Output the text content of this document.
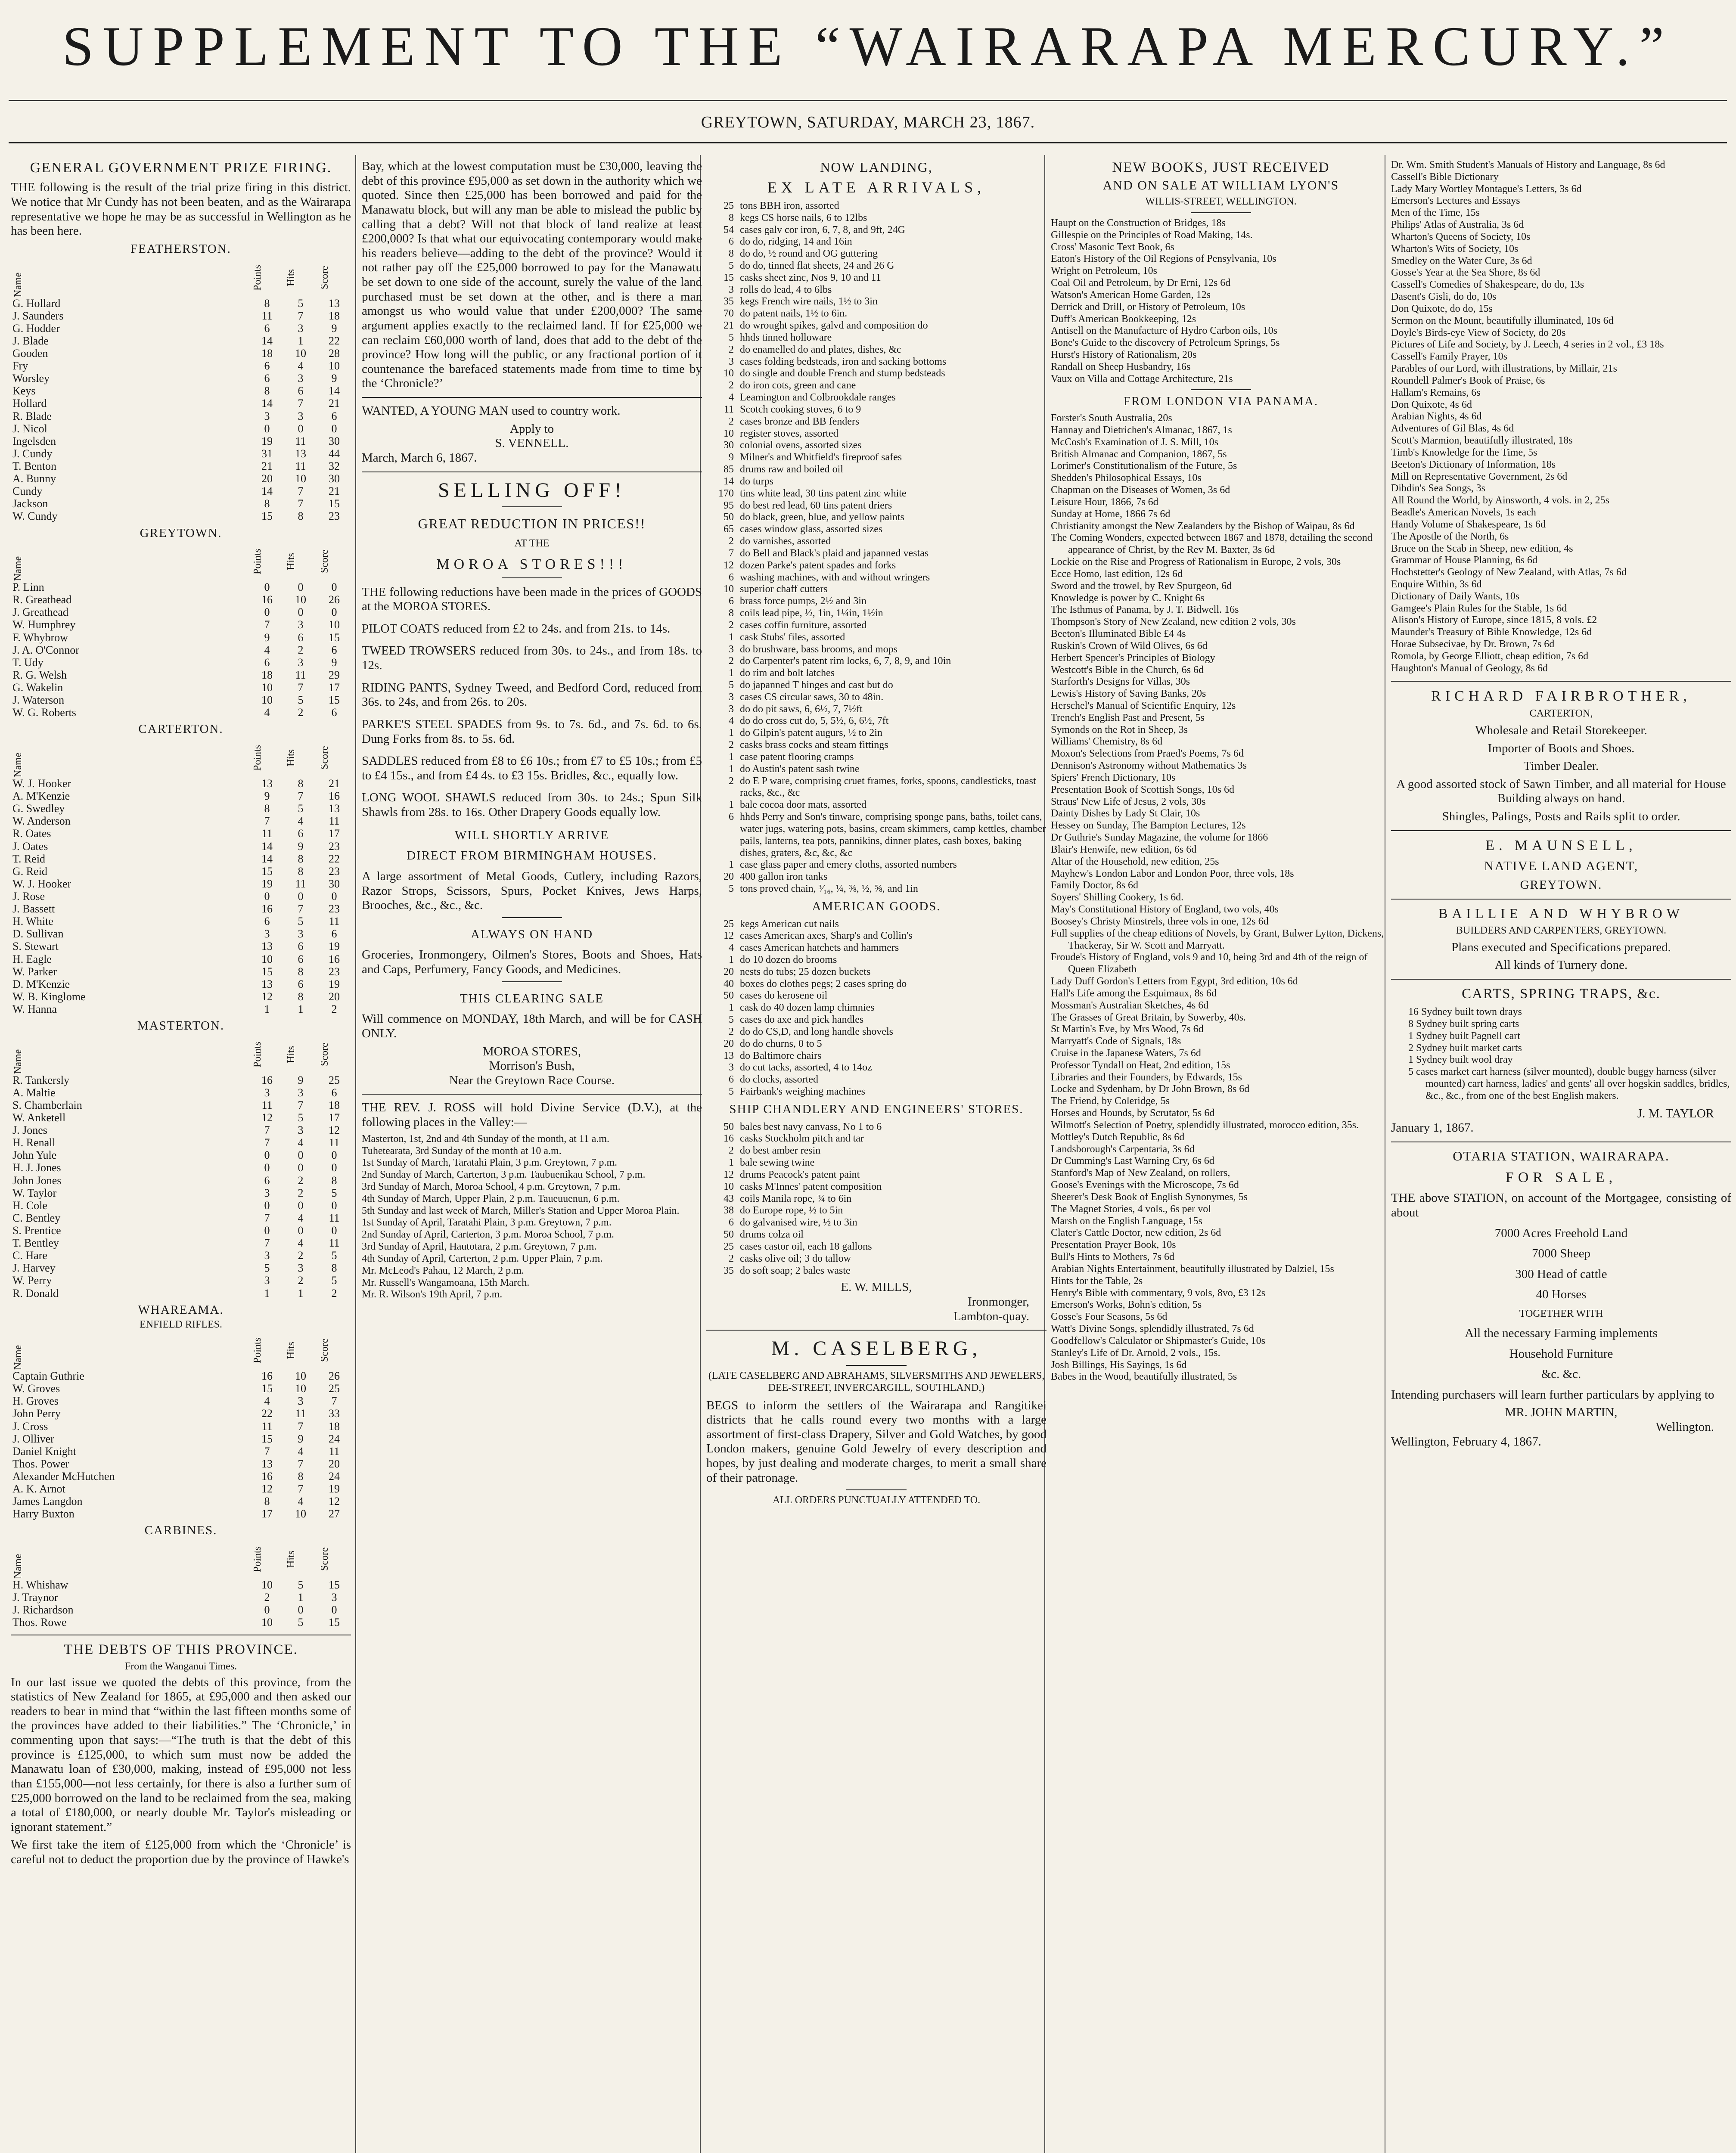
SUPPLEMENT TO THE “WAIRARAPA MERCURY.”
GREYTOWN, SATURDAY, MARCH 23, 1867.
GENERAL GOVERNMENT PRIZE FIRING.

THE following is the result of the trial prize firing in this district. We notice that Mr Cundy has not been beaten, and as the Wairarapa representative we hope he may be as successful in Wellington as he has been here.

FEATHERSTON.
Name	Points	Hits	Score

G. Hollard	8	5	13
J. Saunders	11	7	18
G. Hodder	6	3	9
J. Blade	14	1	22
Gooden	18	10	28
Fry	6	4	10
Worsley	6	3	9
Keys	8	6	14
Hollard	14	7	21
R. Blade	3	3	6
J. Nicol	0	0	0
Ingelsden	19	11	30
J. Cundy	31	13	44
T. Benton	21	11	32
A. Bunny	20	10	30
Cundy	14	7	21
Jackson	8	7	15
W. Cundy	15	8	23
GREYTOWN.
Name	Points	Hits	Score

P. Linn	0	0	0
R. Greathead	16	10	26
J. Greathead	0	0	0
W. Humphrey	7	3	10
F. Whybrow	9	6	15
J. A. O'Connor	4	2	6
T. Udy	6	3	9
R. G. Welsh	18	11	29
G. Wakelin	10	7	17
J. Waterson	10	5	15
W. G. Roberts	4	2	6
CARTERTON.
Name	Points	Hits	Score

W. J. Hooker	13	8	21
A. M'Kenzie	9	7	16
G. Swedley	8	5	13
W. Anderson	7	4	11
R. Oates	11	6	17
J. Oates	14	9	23
T. Reid	14	8	22
G. Reid	15	8	23
W. J. Hooker	19	11	30
J. Rose	0	0	0
J. Bassett	16	7	23
H. White	6	5	11
D. Sullivan	3	3	6
S. Stewart	13	6	19
H. Eagle	10	6	16
W. Parker	15	8	23
D. M'Kenzie	13	6	19
W. B. Kinglome	12	8	20
W. Hanna	1	1	2
MASTERTON.
Name	Points	Hits	Score

R. Tankersly	16	9	25
A. Maltie	3	3	6
S. Chamberlain	11	7	18
W. Anketell	12	5	17
J. Jones	7	3	12
H. Renall	7	4	11
John Yule	0	0	0
H. J. Jones	0	0	0
John Jones	6	2	8
W. Taylor	3	2	5
H. Cole	0	0	0
C. Bentley	7	4	11
S. Prentice	0	0	0
T. Bentley	7	4	11
C. Hare	3	2	5
J. Harvey	5	3	8
W. Perry	3	2	5
R. Donald	1	1	2
WHAREAMA.
ENFIELD RIFLES.
Name	Points	Hits	Score

Captain Guthrie	16	10	26
W. Groves	15	10	25
H. Groves	4	3	7
John Perry	22	11	33
J. Cross	11	7	18
J. Olliver	15	9	24
Daniel Knight	7	4	11
Thos. Power	13	7	20
Alexander McHutchen	16	8	24
A. K. Arnot	12	7	19
James Langdon	8	4	12
Harry Buxton	17	10	27
CARBINES.
Name	Points	Hits	Score

H. Whishaw	10	5	15
J. Traynor	2	1	3
J. Richardson	0	0	0
Thos. Rowe	10	5	15
THE DEBTS OF THIS PROVINCE.
From the Wanganui Times.

In our last issue we quoted the debts of this province, from the statistics of New Zealand for 1865, at £95,000 and then asked our readers to bear in mind that “within the last fifteen months some of the provinces have added to their liabilities.” The ‘Chronicle,’ in commenting upon that says:—“The truth is that the debt of this province is £125,000, to which sum must now be added the Manawatu loan of £30,000, making, instead of £95,000 not less than £155,000—not less certainly, for there is also a further sum of £25,000 borrowed on the land to be reclaimed from the sea, making a total of £180,000, or nearly double Mr. Taylor's misleading or ignorant statement.”

We first take the item of £125,000 from which the ‘Chronicle’ is careful not to deduct the proportion due by the province of Hawke's

Bay, which at the lowest computation must be £30,000, leaving the debt of this province £95,000 as set down in the authority which we quoted. Since then £25,000 has been borrowed and paid for the Manawatu block, but will any man be able to mislead the public by calling that a debt? Will not that block of land realize at least £200,000? Is that what our equivocating contemporary would make his readers believe—adding to the debt of the province? Would it not rather pay off the £25,000 borrowed to pay for the Manawatu be set down to one side of the account, surely the value of the land purchased must be set down at the other, and is there a man amongst us who would value that under £200,000? The same argument applies exactly to the reclaimed land. If for £25,000 we can reclaim £60,000 worth of land, does that add to the debt of the province? How long will the public, or any fractional portion of it countenance the barefaced statements made from time to time by the ‘Chronicle?’

WANTED, A YOUNG MAN used to country work.

Apply to
S. VENNELL.
March, March 6, 1867.
SELLING OFF!
GREAT REDUCTION IN PRICES!!
AT THE
MOROA STORES!!!

THE following reductions have been made in the prices of GOODS at the MOROA STORES.

PILOT COATS reduced from £2 to 24s. and from 21s. to 14s.

TWEED TROWSERS reduced from 30s. to 24s., and from 18s. to 12s.

RIDING PANTS, Sydney Tweed, and Bedford Cord, reduced from 36s. to 24s, and from 26s. to 20s.

PARKE'S STEEL SPADES from 9s. to 7s. 6d., and 7s. 6d. to 6s. Dung Forks from 8s. to 5s. 6d.

SADDLES reduced from £8 to £6 10s.; from £7 to £5 10s.; from £5 to £4 15s., and from £4 4s. to £3 15s. Bridles, &c., equally low.

LONG WOOL SHAWLS reduced from 30s. to 24s.; Spun Silk Shawls from 28s. to 16s. Other Drapery Goods equally low.

WILL SHORTLY ARRIVE
DIRECT FROM BIRMINGHAM HOUSES.

A large assortment of Metal Goods, Cutlery, including Razors, Razor Strops, Scissors, Spurs, Pocket Knives, Jews Harps, Brooches, &c., &c., &c.

ALWAYS ON HAND

Groceries, Ironmongery, Oilmen's Stores, Boots and Shoes, Hats and Caps, Perfumery, Fancy Goods, and Medicines.

THIS CLEARING SALE

Will commence on MONDAY, 18th March, and will be for CASH ONLY.

MOROA STORES,
Morrison's Bush,
Near the Greytown Race Course.

THE REV. J. ROSS will hold Divine Service (D.V.), at the following places in the Valley:—

Masterton, 1st, 2nd and 4th Sunday of the month, at 11 a.m.
Tuhetearata, 3rd Sunday of the month at 10 a.m.
1st Sunday of March, Taratahi Plain, 3 p.m. Greytown, 7 p.m.
2nd Sunday of March, Carterton, 3 p.m. Taubuenikau School, 7 p.m.
3rd Sunday of March, Moroa School, 4 p.m. Greytown, 7 p.m.
4th Sunday of March, Upper Plain, 2 p.m. Taueuuenun, 6 p.m.
5th Sunday and last week of March, Miller's Station and Upper Moroa Plain.
1st Sunday of April, Taratahi Plain, 3 p.m. Greytown, 7 p.m.
2nd Sunday of April, Carterton, 3 p.m. Moroa School, 7 p.m.
3rd Sunday of April, Hautotara, 2 p.m. Greytown, 7 p.m.
4th Sunday of April, Carterton, 2 p.m. Upper Plain, 7 p.m.
Mr. McLeod's Pahau, 12 March, 2 p.m.
Mr. Russell's Wangamoana, 15th March.
Mr. R. Wilson's 19th April, 7 p.m.
NOW LANDING,
EX LATE ARRIVALS,
25 tons BBH iron, assorted
8 kegs CS horse nails, 6 to 12lbs
54 cases galv cor iron, 6, 7, 8, and 9ft, 24G
6 do do, ridging, 14 and 16in
8 do do, ½ round and OG guttering
5 do do, tinned flat sheets, 24 and 26 G
15 casks sheet zinc, Nos 9, 10 and 11
3 rolls do lead, 4 to 6lbs
35 kegs French wire nails, 1½ to 3in
70 do patent nails, 1½ to 6in.
21 do wrought spikes, galvd and composition do
5 hhds tinned holloware
2 do enamelled do and plates, dishes, &c
3 cases folding bedsteads, iron and sacking bottoms
10 do single and double French and stump bedsteads
2 do iron cots, green and cane
4 Leamington and Colbrookdale ranges
11 Scotch cooking stoves, 6 to 9
2 cases bronze and BB fenders
10 register stoves, assorted
30 colonial ovens, assorted sizes
9 Milner's and Whitfield's fireproof safes
85 drums raw and boiled oil
14 do turps
170 tins white lead, 30 tins patent zinc white
95 do best red lead, 60 tins patent driers
50 do black, green, blue, and yellow paints
65 cases window glass, assorted sizes
2 do varnishes, assorted
7 do Bell and Black's plaid and japanned vestas
12 dozen Parke's patent spades and forks
6 washing machines, with and without wringers
10 superior chaff cutters
6 brass force pumps, 2½ and 3in
8 coils lead pipe, ½, 1in, 1¼in, 1½in
2 cases coffin furniture, assorted
1 cask Stubs' files, assorted
3 do brushware, bass brooms, and mops
2 do Carpenter's patent rim locks, 6, 7, 8, 9, and 10in
1 do rim and bolt latches
5 do japanned T hinges and cast but do
3 cases CS circular saws, 30 to 48in.
3 do do pit saws, 6, 6½, 7, 7½ft
4 do do cross cut do, 5, 5½, 6, 6½, 7ft
1 do Gilpin's patent augurs, ½ to 2in
2 casks brass cocks and steam fittings
1 case patent flooring cramps
1 do Austin's patent sash twine
2 do E P ware, comprising cruet frames, forks, spoons, candlesticks, toast racks, &c., &c
1 bale cocoa door mats, assorted
6 hhds Perry and Son's tinware, comprising sponge pans, baths, toilet cans, water jugs, watering pots, basins, cream skimmers, camp kettles, chamber pails, lanterns, tea pots, pannikins, dinner plates, cash boxes, baking dishes, graters, &c, &c, &c
1 case glass paper and emery cloths, assorted numbers
20 400 gallon iron tanks
5 tons proved chain, ³⁄₁₆, ¼, ⅜, ½, ⅝, and 1in
AMERICAN GOODS.
25 kegs American cut nails
12 cases American axes, Sharp's and Collin's
4 cases American hatchets and hammers
1 do 10 dozen do brooms
20 nests do tubs; 25 dozen buckets
40 boxes do clothes pegs; 2 cases spring do
50 cases do kerosene oil
1 cask do 40 dozen lamp chimnies
5 cases do axe and pick handles
2 do do CS,D, and long handle shovels
20 do do churns, 0 to 5
13 do Baltimore chairs
3 do cut tacks, assorted, 4 to 14oz
6 do clocks, assorted
5 Fairbank's weighing machines
SHIP CHANDLERY AND ENGINEERS' STORES.
50 bales best navy canvass, No 1 to 6
16 casks Stockholm pitch and tar
2 do best amber resin
1 bale sewing twine
12 drums Peacock's patent paint
10 casks M'Innes' patent composition
43 coils Manila rope, ¾ to 6in
38 do Europe rope, ½ to 5in
6 do galvanised wire, ½ to 3in
50 drums colza oil
25 cases castor oil, each 18 gallons
2 casks olive oil; 3 do tallow
35 do soft soap; 2 bales waste
E. W. MILLS,
Ironmonger,
Lambton-quay.
M. CASELBERG,
(LATE CASELBERG AND ABRAHAMS, SILVERSMITHS AND JEWELERS, DEE-STREET, INVERCARGILL, SOUTHLAND,)

BEGS to inform the settlers of the Wairarapa and Rangitikei districts that he calls round every two months with a large assortment of first-class Drapery, Silver and Gold Watches, by good London makers, genuine Gold Jewelry of every description and hopes, by just dealing and moderate charges, to merit a small share of their patronage.

ALL ORDERS PUNCTUALLY ATTENDED TO.
NEW BOOKS, JUST RECEIVED
AND ON SALE AT WILLIAM LYON'S
WILLIS-STREET, WELLINGTON.
Haupt on the Construction of Bridges, 18s
Gillespie on the Principles of Road Making, 14s.
Cross' Masonic Text Book, 6s
Eaton's History of the Oil Regions of Pensylvania, 10s
Wright on Petroleum, 10s
Coal Oil and Petroleum, by Dr Erni, 12s 6d
Watson's American Home Garden, 12s
Derrick and Drill, or History of Petroleum, 10s
Duff's American Bookkeeping, 12s
Antisell on the Manufacture of Hydro Carbon oils, 10s
Bone's Guide to the discovery of Petroleum Springs, 5s
Hurst's History of Rationalism, 20s
Randall on Sheep Husbandry, 16s
Vaux on Villa and Cottage Architecture, 21s
FROM LONDON VIA PANAMA.
Forster's South Australia, 20s
Hannay and Dietrichen's Almanac, 1867, 1s
McCosh's Examination of J. S. Mill, 10s
British Almanac and Companion, 1867, 5s
Lorimer's Constitutionalism of the Future, 5s
Shedden's Philosophical Essays, 10s
Chapman on the Diseases of Women, 3s 6d
Leisure Hour, 1866, 7s 6d
Sunday at Home, 1866 7s 6d
Christianity amongst the New Zealanders by the Bishop of Waipau, 8s 6d
The Coming Wonders, expected between 1867 and 1878, detailing the second appearance of Christ, by the Rev M. Baxter, 3s 6d
Lockie on the Rise and Progress of Rationalism in Europe, 2 vols, 30s
Ecce Homo, last edition, 12s 6d
Sword and the trowel, by Rev Spurgeon, 6d
Knowledge is power by C. Knight 6s
The Isthmus of Panama, by J. T. Bidwell. 16s
Thompson's Story of New Zealand, new edition 2 vols, 30s
Beeton's Illuminated Bible £4 4s
Ruskin's Crown of Wild Olives, 6s 6d
Herbert Spencer's Principles of Biology
Westcott's Bible in the Church, 6s 6d
Starforth's Designs for Villas, 30s
Lewis's History of Saving Banks, 20s
Herschel's Manual of Scientific Enquiry, 12s
Trench's English Past and Present, 5s
Symonds on the Rot in Sheep, 3s
Williams' Chemistry, 8s 6d
Moxon's Selections from Praed's Poems, 7s 6d
Dennison's Astronomy without Mathematics 3s
Spiers' French Dictionary, 10s
Presentation Book of Scottish Songs, 10s 6d
Straus' New Life of Jesus, 2 vols, 30s
Dainty Dishes by Lady St Clair, 10s
Hessey on Sunday, The Bampton Lectures, 12s
Dr Guthrie's Sunday Magazine, the volume for 1866
Blair's Henwife, new edition, 6s 6d
Altar of the Household, new edition, 25s
Mayhew's London Labor and London Poor, three vols, 18s
Family Doctor, 8s 6d
Soyers' Shilling Cookery, 1s 6d.
May's Constitutional History of England, two vols, 40s
Boosey's Christy Minstrels, three vols in one, 12s 6d
Full supplies of the cheap editions of Novels, by Grant, Bulwer Lytton, Dickens, Thackeray, Sir W. Scott and Marryatt.
Froude's History of England, vols 9 and 10, being 3rd and 4th of the reign of Queen Elizabeth
Lady Duff Gordon's Letters from Egypt, 3rd edition, 10s 6d
Hall's Life among the Esquimaux, 8s 6d
Mossman's Australian Sketches, 4s 6d
The Grasses of Great Britain, by Sowerby, 40s.
St Martin's Eve, by Mrs Wood, 7s 6d
Marryatt's Code of Signals, 18s
Cruise in the Japanese Waters, 7s 6d
Professor Tyndall on Heat, 2nd edition, 15s
Libraries and their Founders, by Edwards, 15s
Locke and Sydenham, by Dr John Brown, 8s 6d
The Friend, by Coleridge, 5s
Horses and Hounds, by Scrutator, 5s 6d
Wilmott's Selection of Poetry, splendidly illustrated, morocco edition, 35s.
Mottley's Dutch Republic, 8s 6d
Landsborough's Carpentaria, 3s 6d
Dr Cumming's Last Warning Cry, 6s 6d
Stanford's Map of New Zealand, on rollers,
Goose's Evenings with the Microscope, 7s 6d
Sheerer's Desk Book of English Synonymes, 5s
The Magnet Stories, 4 vols., 6s per vol
Marsh on the English Language, 15s
Clater's Cattle Doctor, new edition, 2s 6d
Presentation Prayer Book, 10s
Bull's Hints to Mothers, 7s 6d
Arabian Nights Entertainment, beautifully illustrated by Dalziel, 15s
Hints for the Table, 2s
Henry's Bible with commentary, 9 vols, 8vo, £3 12s
Emerson's Works, Bohn's edition, 5s
Gosse's Four Seasons, 5s 6d
Watt's Divine Songs, splendidly illustrated, 7s 6d
Goodfellow's Calculator or Shipmaster's Guide, 10s
Stanley's Life of Dr. Arnold, 2 vols., 15s.
Josh Billings, His Sayings, 1s 6d
Babes in the Wood, beautifully illustrated, 5s
Dr. Wm. Smith Student's Manuals of History and Language, 8s 6d
Cassell's Bible Dictionary
Lady Mary Wortley Montague's Letters, 3s 6d
Emerson's Lectures and Essays
Men of the Time, 15s
Philips' Atlas of Australia, 3s 6d
Wharton's Queens of Society, 10s
Wharton's Wits of Society, 10s
Smedley on the Water Cure, 3s 6d
Gosse's Year at the Sea Shore, 8s 6d
Cassell's Comedies of Shakespeare, do do, 13s
Dasent's Gisli, do do, 10s
Don Quixote, do do, 15s
Sermon on the Mount, beautifully illuminated, 10s 6d
Doyle's Birds-eye View of Society, do 20s
Pictures of Life and Society, by J. Leech, 4 series in 2 vol., £3 18s
Cassell's Family Prayer, 10s
Parables of our Lord, with illustrations, by Millair, 21s
Roundell Palmer's Book of Praise, 6s
Hallam's Remains, 6s
Don Quixote, 4s 6d
Arabian Nights, 4s 6d
Adventures of Gil Blas, 4s 6d
Scott's Marmion, beautifully illustrated, 18s
Timb's Knowledge for the Time, 5s
Beeton's Dictionary of Information, 18s
Mill on Representative Government, 2s 6d
Dibdin's Sea Songs, 3s
All Round the World, by Ainsworth, 4 vols. in 2, 25s
Beadle's American Novels, 1s each
Handy Volume of Shakespeare, 1s 6d
The Apostle of the North, 6s
Bruce on the Scab in Sheep, new edition, 4s
Grammar of House Planning, 6s 6d
Hochstetter's Geology of New Zealand, with Atlas, 7s 6d
Enquire Within, 3s 6d
Dictionary of Daily Wants, 10s
Gamgee's Plain Rules for the Stable, 1s 6d
Alison's History of Europe, since 1815, 8 vols. £2
Maunder's Treasury of Bible Knowledge, 12s 6d
Horae Subsecivae, by Dr. Brown, 7s 6d
Romola, by George Elliott, cheap edition, 7s 6d
Haughton's Manual of Geology, 8s 6d
RICHARD FAIRBROTHER,
CARTERTON,
Wholesale and Retail Storekeeper.
Importer of Boots and Shoes.
Timber Dealer.
A good assorted stock of Sawn Timber, and all material for House Building always on hand.
Shingles, Palings, Posts and Rails split to order.
E. MAUNSELL,
NATIVE LAND AGENT,
GREYTOWN.
BAILLIE AND WHYBROW
BUILDERS AND CARPENTERS, GREYTOWN.
Plans executed and Specifications prepared.
All kinds of Turnery done.
CARTS, SPRING TRAPS, &c.
16 Sydney built town drays
8 Sydney built spring carts
1 Sydney built Pagnell cart
2 Sydney built market carts
1 Sydney built wool dray
5 cases market cart harness (silver mounted), double buggy harness (silver mounted) cart harness, ladies' and gents' all over hogskin saddles, bridles, &c., &c., from one of the best English makers.
J. M. TAYLOR
January 1, 1867.
OTARIA STATION, WAIRARAPA.
FOR SALE,

THE above STATION, on account of the Mortgagee, consisting of about

7000 Acres Freehold Land
7000 Sheep
300 Head of cattle
40 Horses
TOGETHER WITH
All the necessary Farming implements
Household Furniture
&c. &c.

Intending purchasers will learn further particulars by applying to

MR. JOHN MARTIN,
Wellington.
Wellington, February 4, 1867.
